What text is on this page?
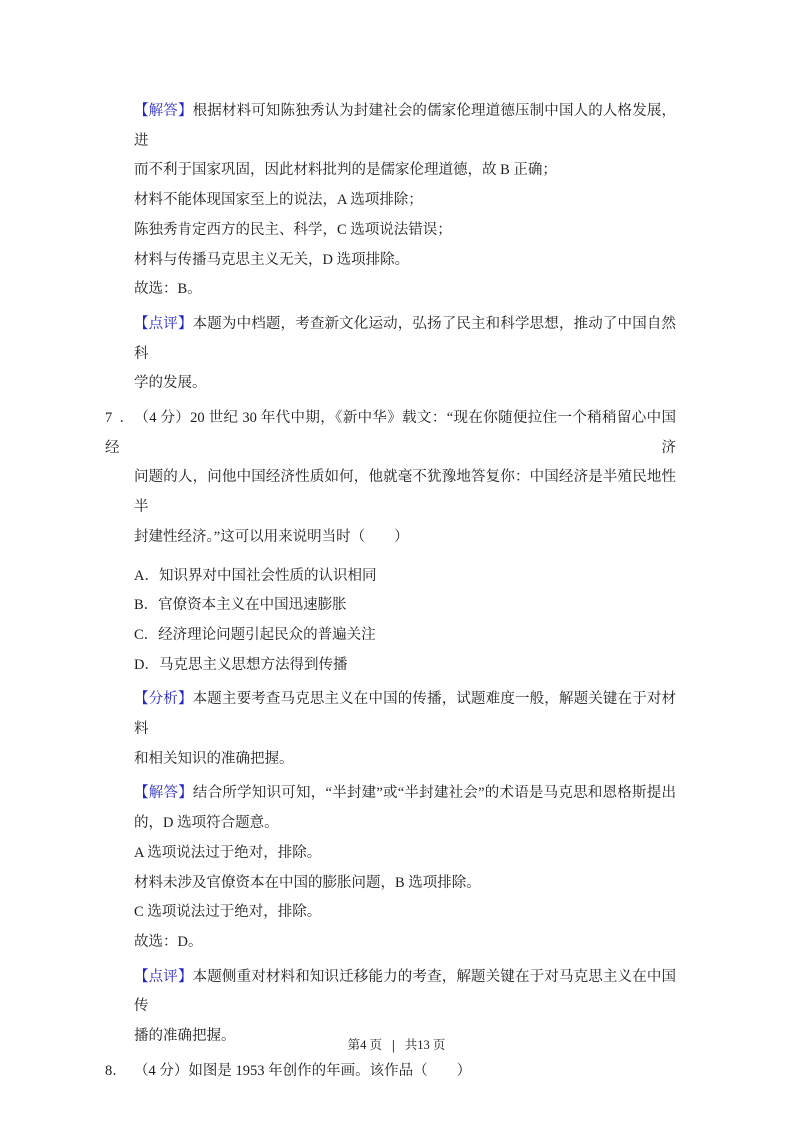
【解答】根据材料可知陈独秀认为封建社会的儒家伦理道德压制中国人的人格发展，进
而不利于国家巩固，因此材料批判的是儒家伦理道德，故 B 正确；
材料不能体现国家至上的说法，A 选项排除；
陈独秀肯定西方的民主、科学，C 选项说法错误；
材料与传播马克思主义无关，D 选项排除。
故选：B。
【点评】本题为中档题，考查新文化运动，弘扬了民主和科学思想，推动了中国自然科
学的发展。
7．（4 分）20 世纪 30 年代中期，《新中华》载文：“现在你随便拉住一个稍稍留心中国经济
问题的人，问他中国经济性质如何，他就毫不犹豫地答复你：中国经济是半殖民地性半
封建性经济。”这可以用来说明当时（　　）
A．知识界对中国社会性质的认识相同
B．官僚资本主义在中国迅速膨胀
C．经济理论问题引起民众的普遍关注
D．马克思主义思想方法得到传播
【分析】本题主要考查马克思主义在中国的传播，试题难度一般，解题关键在于对材料
和相关知识的准确把握。
【解答】结合所学知识可知，“半封建”或“半封建社会”的术语是马克思和恩格斯提出
的，D 选项符合题意。
A 选项说法过于绝对，排除。
材料未涉及官僚资本在中国的膨胀问题，B 选项排除。
C 选项说法过于绝对，排除。
故选：D。
【点评】本题侧重对材料和知识迁移能力的考查，解题关键在于对马克思主义在中国传
播的准确把握。
8． （4 分）如图是 1953 年创作的年画。该作品（　　）
第4 页 | 共13 页
